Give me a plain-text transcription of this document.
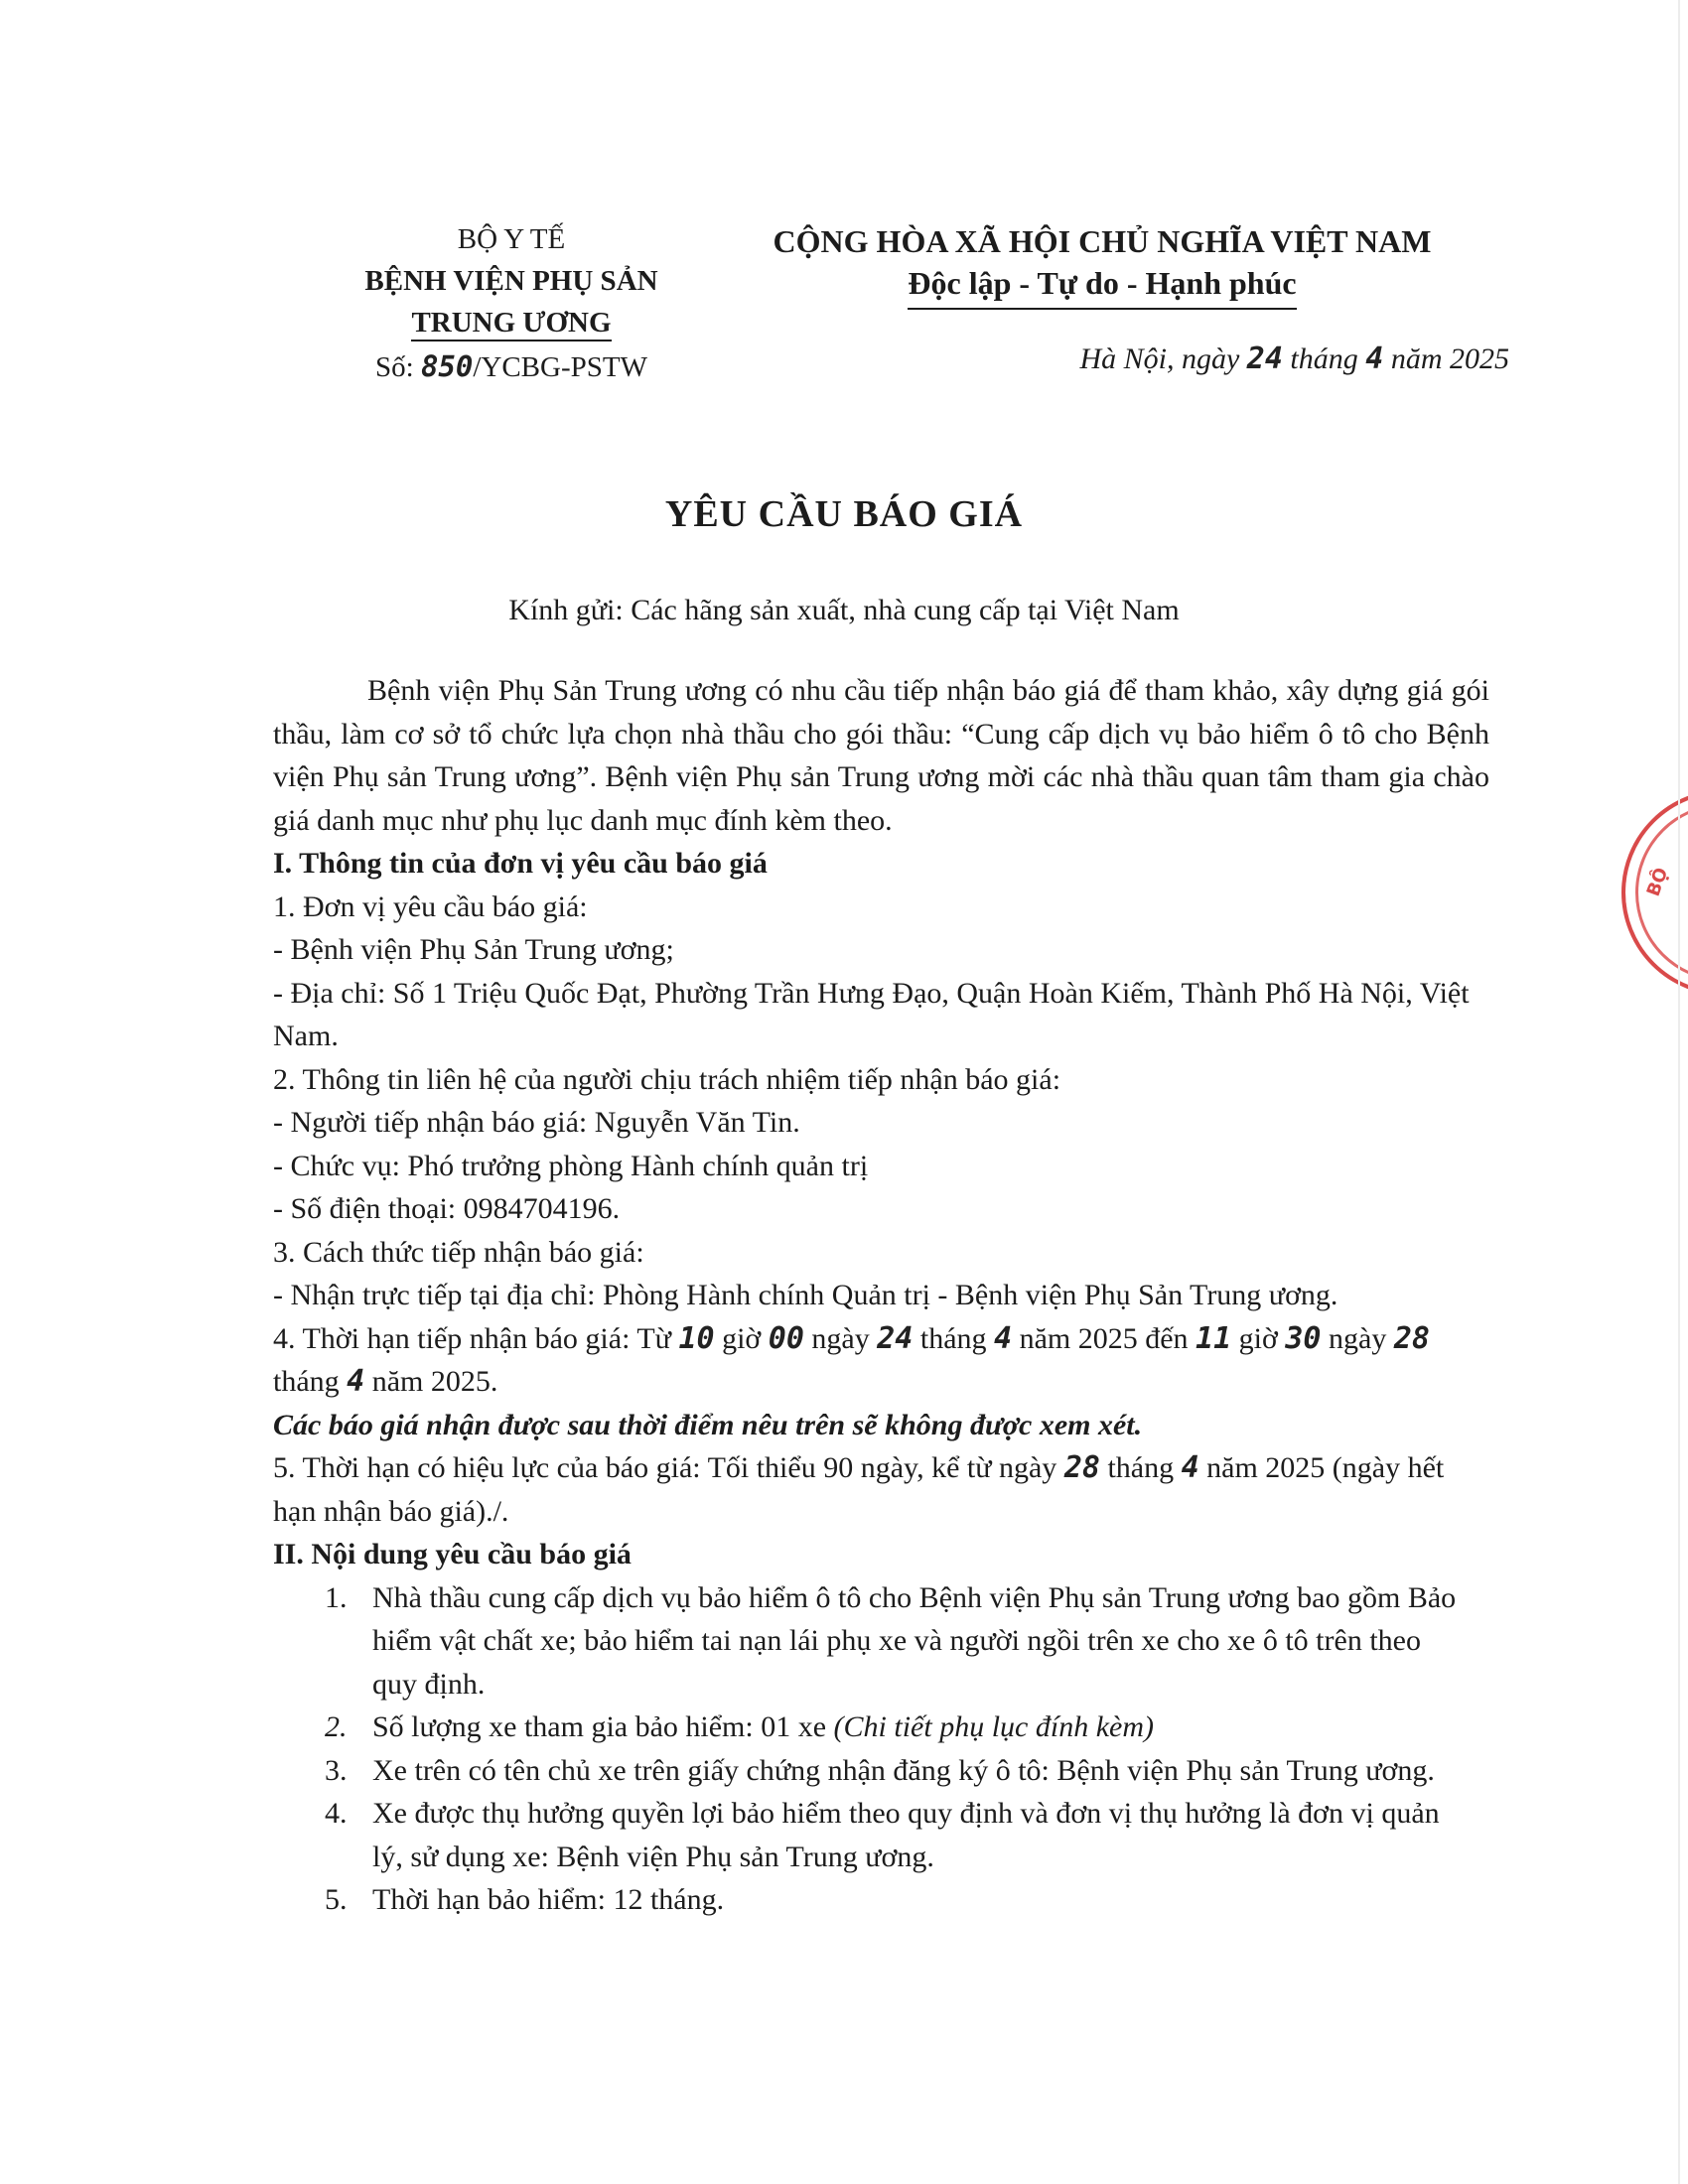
BỘ Y TẾ
BỆNH VIỆN PHỤ SẢN
TRUNG ƯƠNG
Số: 850/YCBG-PSTW
CỘNG HÒA XÃ HỘI CHỦ NGHĨA VIỆT NAM
Độc lập - Tự do - Hạnh phúc
Hà Nội, ngày 24 tháng 4 năm 2025
YÊU CẦU BÁO GIÁ
Kính gửi: Các hãng sản xuất, nhà cung cấp tại Việt Nam

Bệnh viện Phụ Sản Trung ương có nhu cầu tiếp nhận báo giá để tham khảo, xây dựng giá gói thầu, làm cơ sở tổ chức lựa chọn nhà thầu cho gói thầu: “Cung cấp dịch vụ bảo hiểm ô tô cho Bệnh viện Phụ sản Trung ương”. Bệnh viện Phụ sản Trung ương mời các nhà thầu quan tâm tham gia chào giá danh mục như phụ lục danh mục đính kèm theo.

I. Thông tin của đơn vị yêu cầu báo giá

1. Đơn vị yêu cầu báo giá:

- Bệnh viện Phụ Sản Trung ương;

- Địa chỉ: Số 1 Triệu Quốc Đạt, Phường Trần Hưng Đạo, Quận Hoàn Kiếm, Thành Phố Hà Nội, Việt Nam.

2. Thông tin liên hệ của người chịu trách nhiệm tiếp nhận báo giá:

- Người tiếp nhận báo giá: Nguyễn Văn Tin.

- Chức vụ: Phó trưởng phòng Hành chính quản trị

- Số điện thoại: 0984704196.

3. Cách thức tiếp nhận báo giá:

- Nhận trực tiếp tại địa chỉ: Phòng Hành chính Quản trị - Bệnh viện Phụ Sản Trung ương.

4. Thời hạn tiếp nhận báo giá: Từ 10 giờ 00 ngày 24 tháng 4 năm 2025 đến 11 giờ 30 ngày 28 tháng 4 năm 2025.

Các báo giá nhận được sau thời điểm nêu trên sẽ không được xem xét.

5. Thời hạn có hiệu lực của báo giá: Tối thiểu 90 ngày, kể từ ngày 28 tháng 4 năm 2025 (ngày hết hạn nhận báo giá)./.

II. Nội dung yêu cầu báo giá

1. Nhà thầu cung cấp dịch vụ bảo hiểm ô tô cho Bệnh viện Phụ sản Trung ương bao gồm Bảo hiểm vật chất xe; bảo hiểm tai nạn lái phụ xe và người ngồi trên xe cho xe ô tô trên theo quy định.
2. Số lượng xe tham gia bảo hiểm: 01 xe (Chi tiết phụ lục đính kèm)
3. Xe trên có tên chủ xe trên giấy chứng nhận đăng ký ô tô: Bệnh viện Phụ sản Trung ương.
4. Xe được thụ hưởng quyền lợi bảo hiểm theo quy định và đơn vị thụ hưởng là đơn vị quản lý, sử dụng xe: Bệnh viện Phụ sản Trung ương.
5. Thời hạn bảo hiểm: 12 tháng.
BỘ
